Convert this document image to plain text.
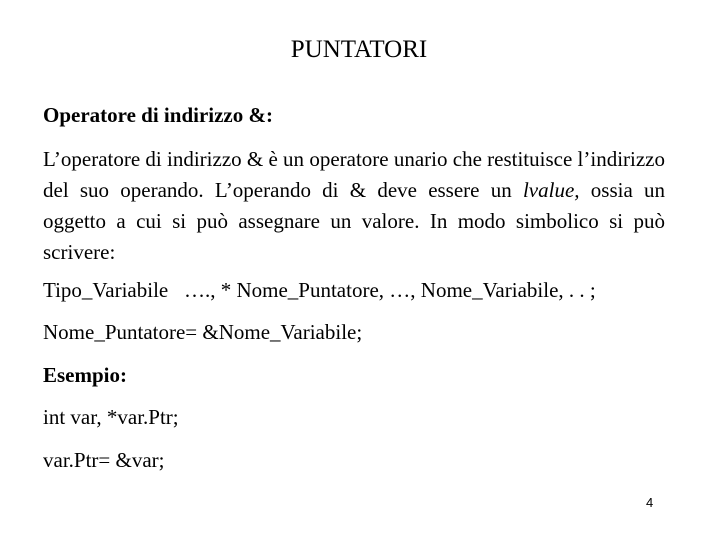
PUNTATORI
Operatore di indirizzo &:

L’operatore di indirizzo & è un operatore unario che restituisce l’indirizzo del suo operando. L’operando di & deve essere un lvalue, ossia un oggetto a cui si può assegnare un valore. In modo simbolico si può scrivere:

Tipo_Variabile   …., * Nome_Puntatore, …, Nome_Variabile, . . ;
Nome_Puntatore= &Nome_Variabile;
Esempio:
int var, *var.Ptr;
var.Ptr= &var;
4
